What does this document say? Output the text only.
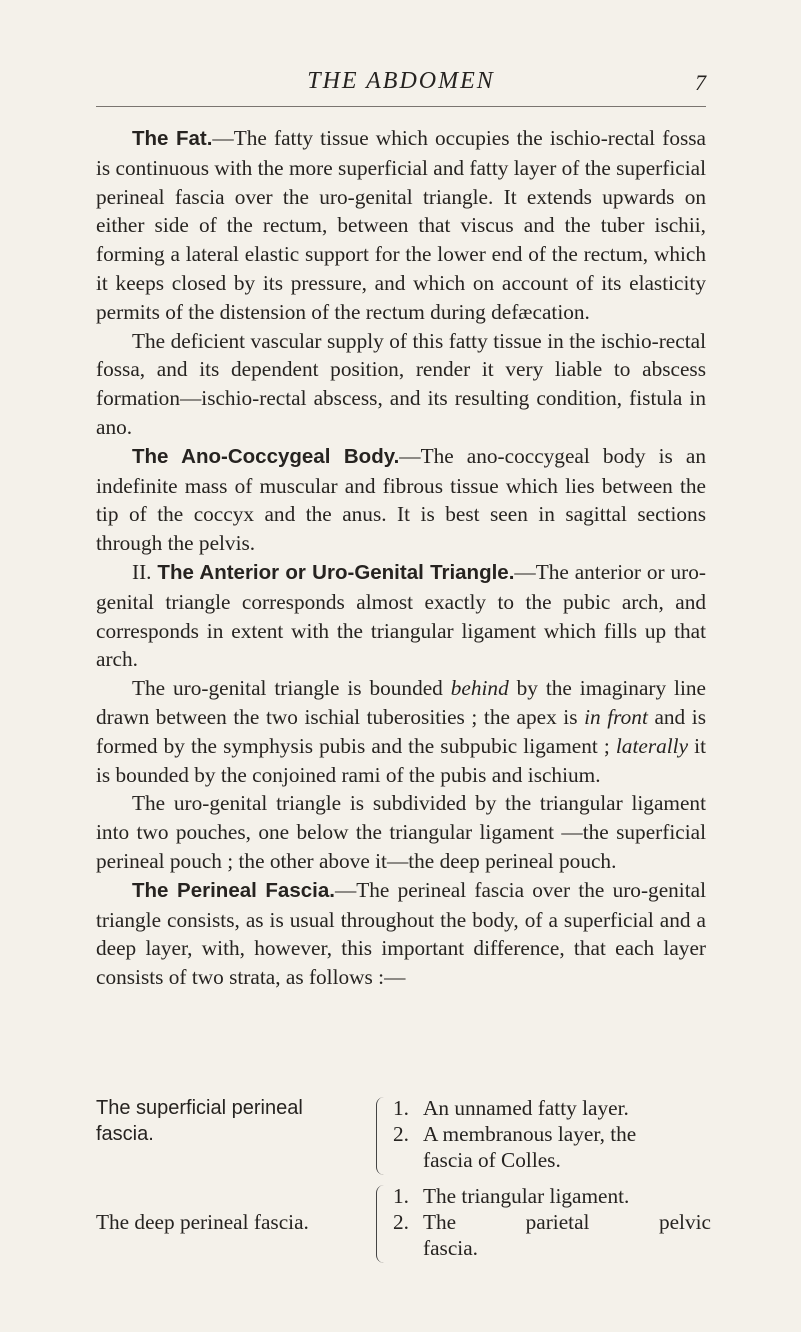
THE ABDOMEN	7

The Fat.—The fatty tissue which occupies the ischio-rectal fossa is continuous with the more superficial and fatty layer of the superficial perineal fascia over the uro-genital triangle. It extends upwards on either side of the rectum, between that viscus and the tuber ischii, forming a lateral elastic support for the lower end of the rectum, which it keeps closed by its pressure, and which on account of its elasticity permits of the distension of the rectum during defæcation.

The deficient vascular supply of this fatty tissue in the ischio-rectal fossa, and its dependent position, render it very liable to abscess formation—ischio-rectal abscess, and its resulting condition, fistula in ano.

The Ano-Coccygeal Body.—The ano-coccygeal body is an indefinite mass of muscular and fibrous tissue which lies between the tip of the coccyx and the anus. It is best seen in sagittal sections through the pelvis.

II. The Anterior or Uro-Genital Triangle.—The anterior or uro-genital triangle corresponds almost exactly to the pubic arch, and corresponds in extent with the triangular ligament which fills up that arch.

The uro-genital triangle is bounded behind by the imaginary line drawn between the two ischial tuberosities ; the apex is in front and is formed by the symphysis pubis and the subpubic ligament ; laterally it is bounded by the conjoined rami of the pubis and ischium.

The uro-genital triangle is subdivided by the triangular ligament into two pouches, one below the triangular ligament —the superficial perineal pouch ; the other above it—the deep perineal pouch.

The Perineal Fascia.—The perineal fascia over the uro-genital triangle consists, as is usual throughout the body, of a superficial and a deep layer, with, however, this important difference, that each layer consists of two strata, as follows :—

The superficial perineal
fascia.
1. An unnamed fatty layer.
2. A membranous layer, the
fascia of Colles.
The deep perineal fascia.
1. The triangular ligament.
2. The parietal pelvic
fascia.
